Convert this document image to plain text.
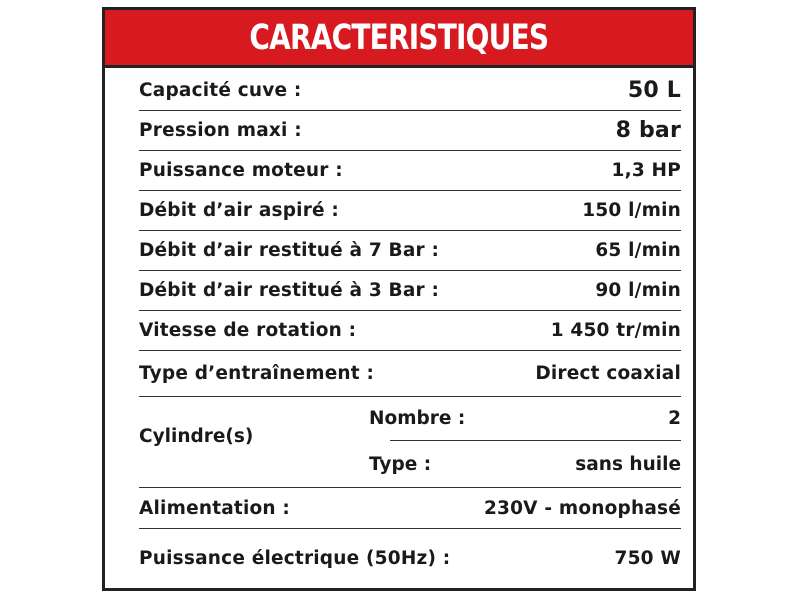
CARACTERISTIQUES
Capacité cuve :	50 L
Pression maxi :	8 bar
Puissance moteur :	1,3 HP
Débit d’air aspiré :	150 l/min
Débit d’air restitué à 7 Bar :	65 l/min
Débit d’air restitué à 3 Bar :	90 l/min
Vitesse de rotation :	1 450 tr/min
Type d’entraînement :	Direct coaxial
Cylindre(s)
Nombre :	2
Type :	sans huile
Alimentation :	230V - monophasé
Puissance électrique (50Hz) :	750 W
